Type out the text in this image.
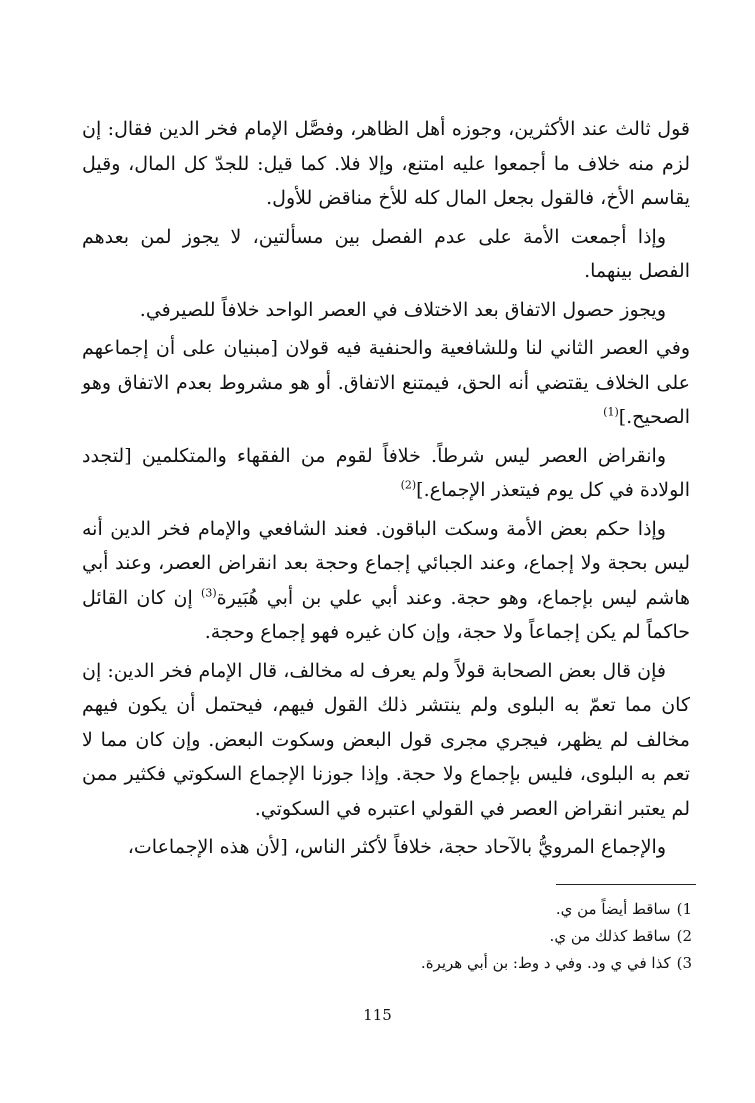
قول ثالث عند الأكثرين، وجوزه أهل الظاهر، وفصَّل الإمام فخر الدين فقال: إن لزم منه خلاف ما أجمعوا عليه امتنع، وإلا فلا. كما قيل: للجدّ كل المال، وقيل يقاسم الأخ، فالقول بجعل المال كله للأخ مناقض للأول.

وإذا أجمعت الأمة على عدم الفصل بين مسألتين، لا يجوز لمن بعدهم الفصل بينهما.

ويجوز حصول الاتفاق بعد الاختلاف في العصر الواحد خلافاً للصيرفي.

وفي العصر الثاني لنا وللشافعية والحنفية فيه قولان [مبنيان على أن إجماعهم على الخلاف يقتضي أنه الحق، فيمتنع الاتفاق. أو هو مشروط بعدم الاتفاق وهو الصحيح.]$^{(1)}$

وانقراض العصر ليس شرطاً. خلافاً لقوم من الفقهاء والمتكلمين [لتجدد الولادة في كل يوم فيتعذر الإجماع.]$^{(2)}$

وإذا حكم بعض الأمة وسكت الباقون. فعند الشافعي والإمام فخر الدين أنه ليس بحجة ولا إجماع، وعند الجبائي إجماع وحجة بعد انقراض العصر، وعند أبي هاشم ليس بإجماع، وهو حجة. وعند أبي علي بن أبي هُبَيرة$^{(3)}$ إن كان القائل حاكماً لم يكن إجماعاً ولا حجة، وإن كان غيره فهو إجماع وحجة.

فإن قال بعض الصحابة قولاً ولم يعرف له مخالف، قال الإمام فخر الدين: إن كان مما تعمّ به البلوى ولم ينتشر ذلك القول فيهم، فيحتمل أن يكون فيهم مخالف لم يظهر، فيجري مجرى قول البعض وسكوت البعض. وإن كان مما لا تعم به البلوى، فليس بإجماع ولا حجة. وإذا جوزنا الإجماع السكوتي فكثير ممن لم يعتبر انقراض العصر في القولي اعتبره في السكوتي.

والإجماع المرويُّ بالآحاد حجة، خلافاً لأكثر الناس، [لأن هذه الإجماعات،

1)ساقط أيضاً من ي.

2)ساقط كذلك من ي.

3)كذا في ي ود. وفي د وط: بن أبي هريرة.

115
